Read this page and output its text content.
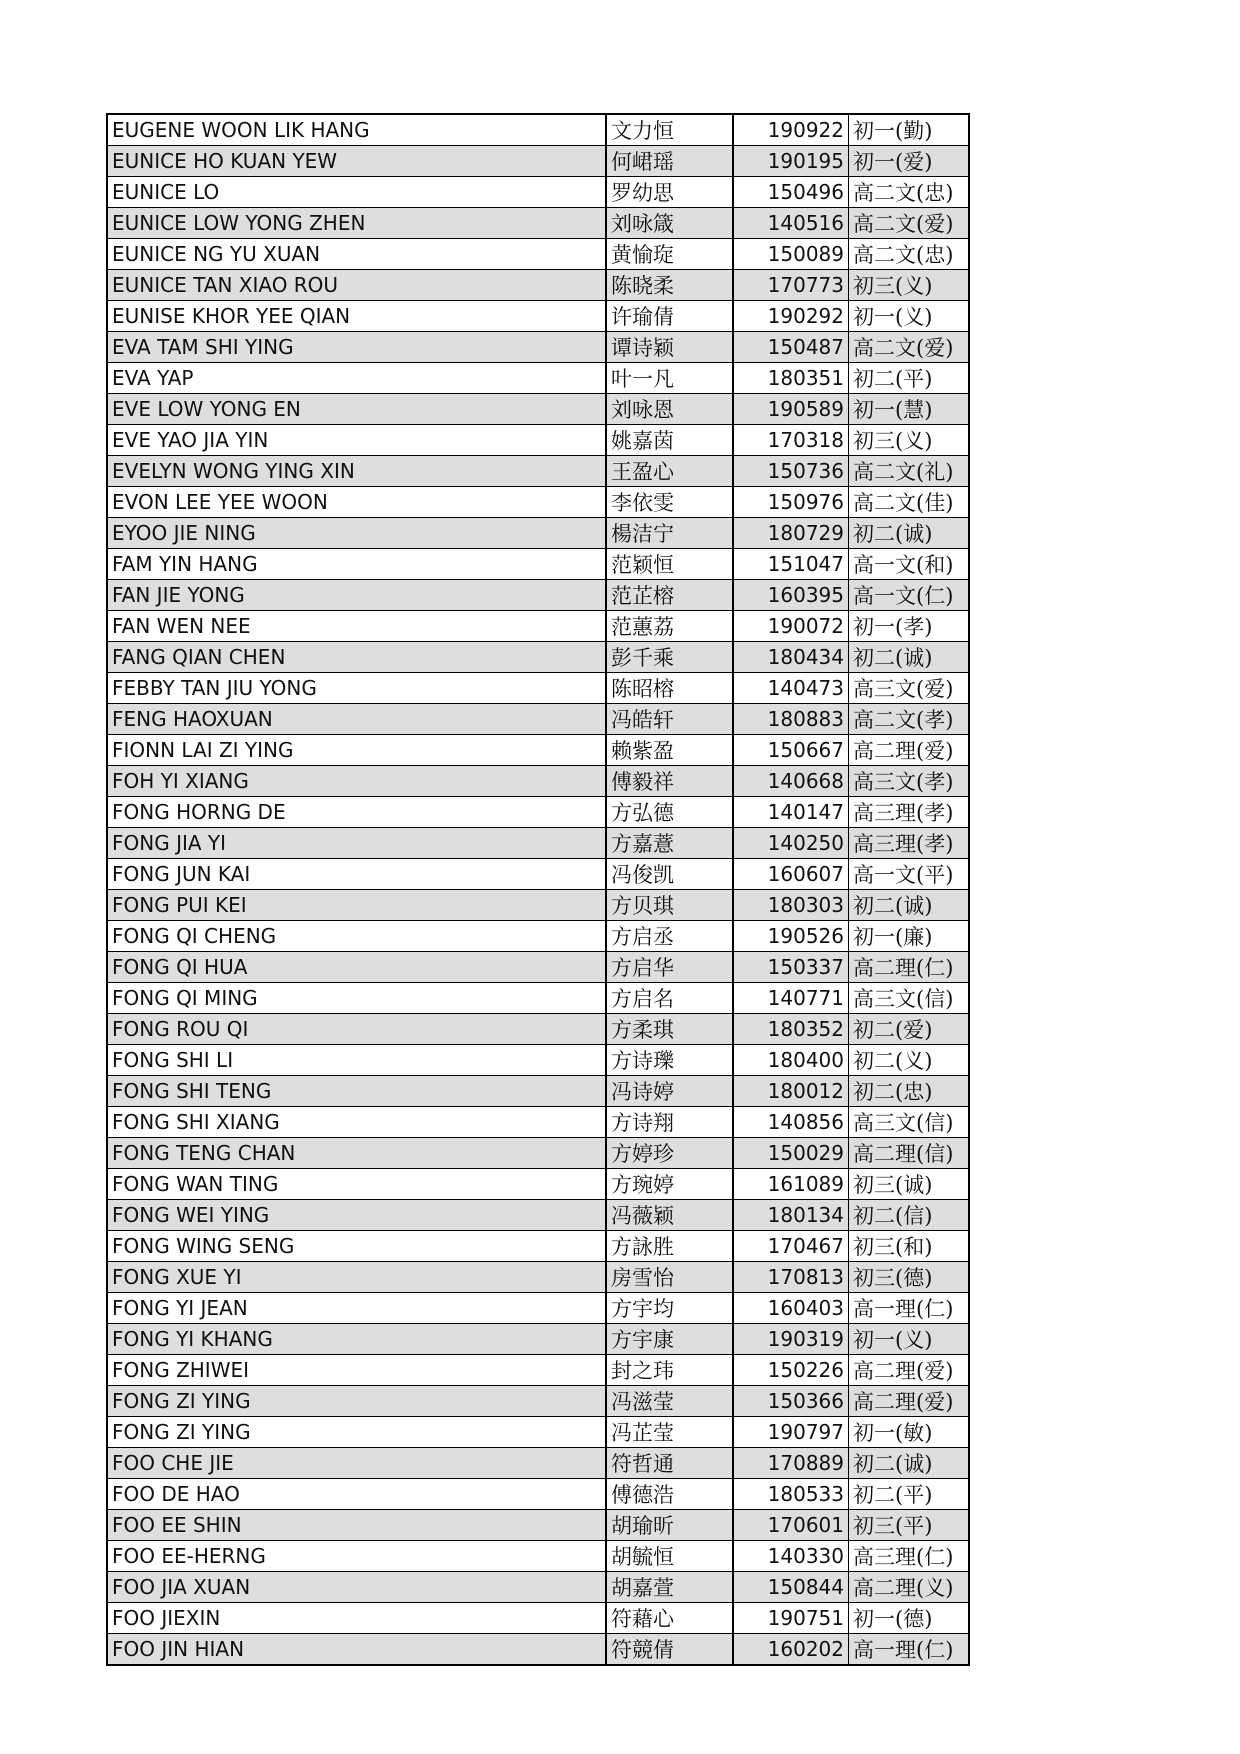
EUGENE WOON LIK HANG	文力恒	190922	初一(勤)
EUNICE HO KUAN YEW	何峮瑶	190195	初一(爱)
EUNICE LO	罗幼思	150496	高二文(忠)
EUNICE LOW YONG ZHEN	刘咏箴	140516	高二文(爱)
EUNICE NG YU XUAN	黄愉琁	150089	高二文(忠)
EUNICE TAN XIAO ROU	陈晓柔	170773	初三(义)
EUNISE KHOR YEE QIAN	许瑜倩	190292	初一(义)
EVA TAM SHI YING	谭诗颖	150487	高二文(爱)
EVA YAP	叶一凡	180351	初二(平)
EVE LOW YONG EN	刘咏恩	190589	初一(慧)
EVE YAO JIA YIN	姚嘉茵	170318	初三(义)
EVELYN WONG YING XIN	王盈心	150736	高二文(礼)
EVON LEE YEE WOON	李依雯	150976	高二文(佳)
EYOO JIE NING	楊洁宁	180729	初二(诚)
FAM YIN HANG	范颖恒	151047	高一文(和)
FAN JIE YONG	范芷榕	160395	高一文(仁)
FAN WEN NEE	范蕙荔	190072	初一(孝)
FANG QIAN CHEN	彭千乘	180434	初二(诚)
FEBBY TAN JIU YONG	陈昭榕	140473	高三文(爱)
FENG HAOXUAN	冯皓轩	180883	高二文(孝)
FIONN LAI ZI YING	赖紫盈	150667	高二理(爱)
FOH YI XIANG	傅毅祥	140668	高三文(孝)
FONG HORNG DE	方弘德	140147	高三理(孝)
FONG JIA YI	方嘉薏	140250	高三理(孝)
FONG JUN KAI	冯俊凯	160607	高一文(平)
FONG PUI KEI	方贝琪	180303	初二(诚)
FONG QI CHENG	方启丞	190526	初一(廉)
FONG QI HUA	方启华	150337	高二理(仁)
FONG QI MING	方启名	140771	高三文(信)
FONG ROU QI	方柔琪	180352	初二(爱)
FONG SHI LI	方诗瓅	180400	初二(义)
FONG SHI TENG	冯诗婷	180012	初二(忠)
FONG SHI XIANG	方诗翔	140856	高三文(信)
FONG TENG CHAN	方婷珍	150029	高二理(信)
FONG WAN TING	方琬婷	161089	初三(诚)
FONG WEI YING	冯薇颖	180134	初二(信)
FONG WING SENG	方詠胜	170467	初三(和)
FONG XUE YI	房雪怡	170813	初三(德)
FONG YI JEAN	方宇均	160403	高一理(仁)
FONG YI KHANG	方宇康	190319	初一(义)
FONG ZHIWEI	封之玮	150226	高二理(爱)
FONG ZI YING	冯滋莹	150366	高二理(爱)
FONG ZI YING	冯芷莹	190797	初一(敏)
FOO CHE JIE	符哲通	170889	初二(诚)
FOO DE HAO	傅德浩	180533	初二(平)
FOO EE SHIN	胡瑜昕	170601	初三(平)
FOO EE-HERNG	胡毓恒	140330	高三理(仁)
FOO JIA XUAN	胡嘉萱	150844	高二理(义)
FOO JIEXIN	符藉心	190751	初一(德)
FOO JIN HIAN	符競倩	160202	高一理(仁)
